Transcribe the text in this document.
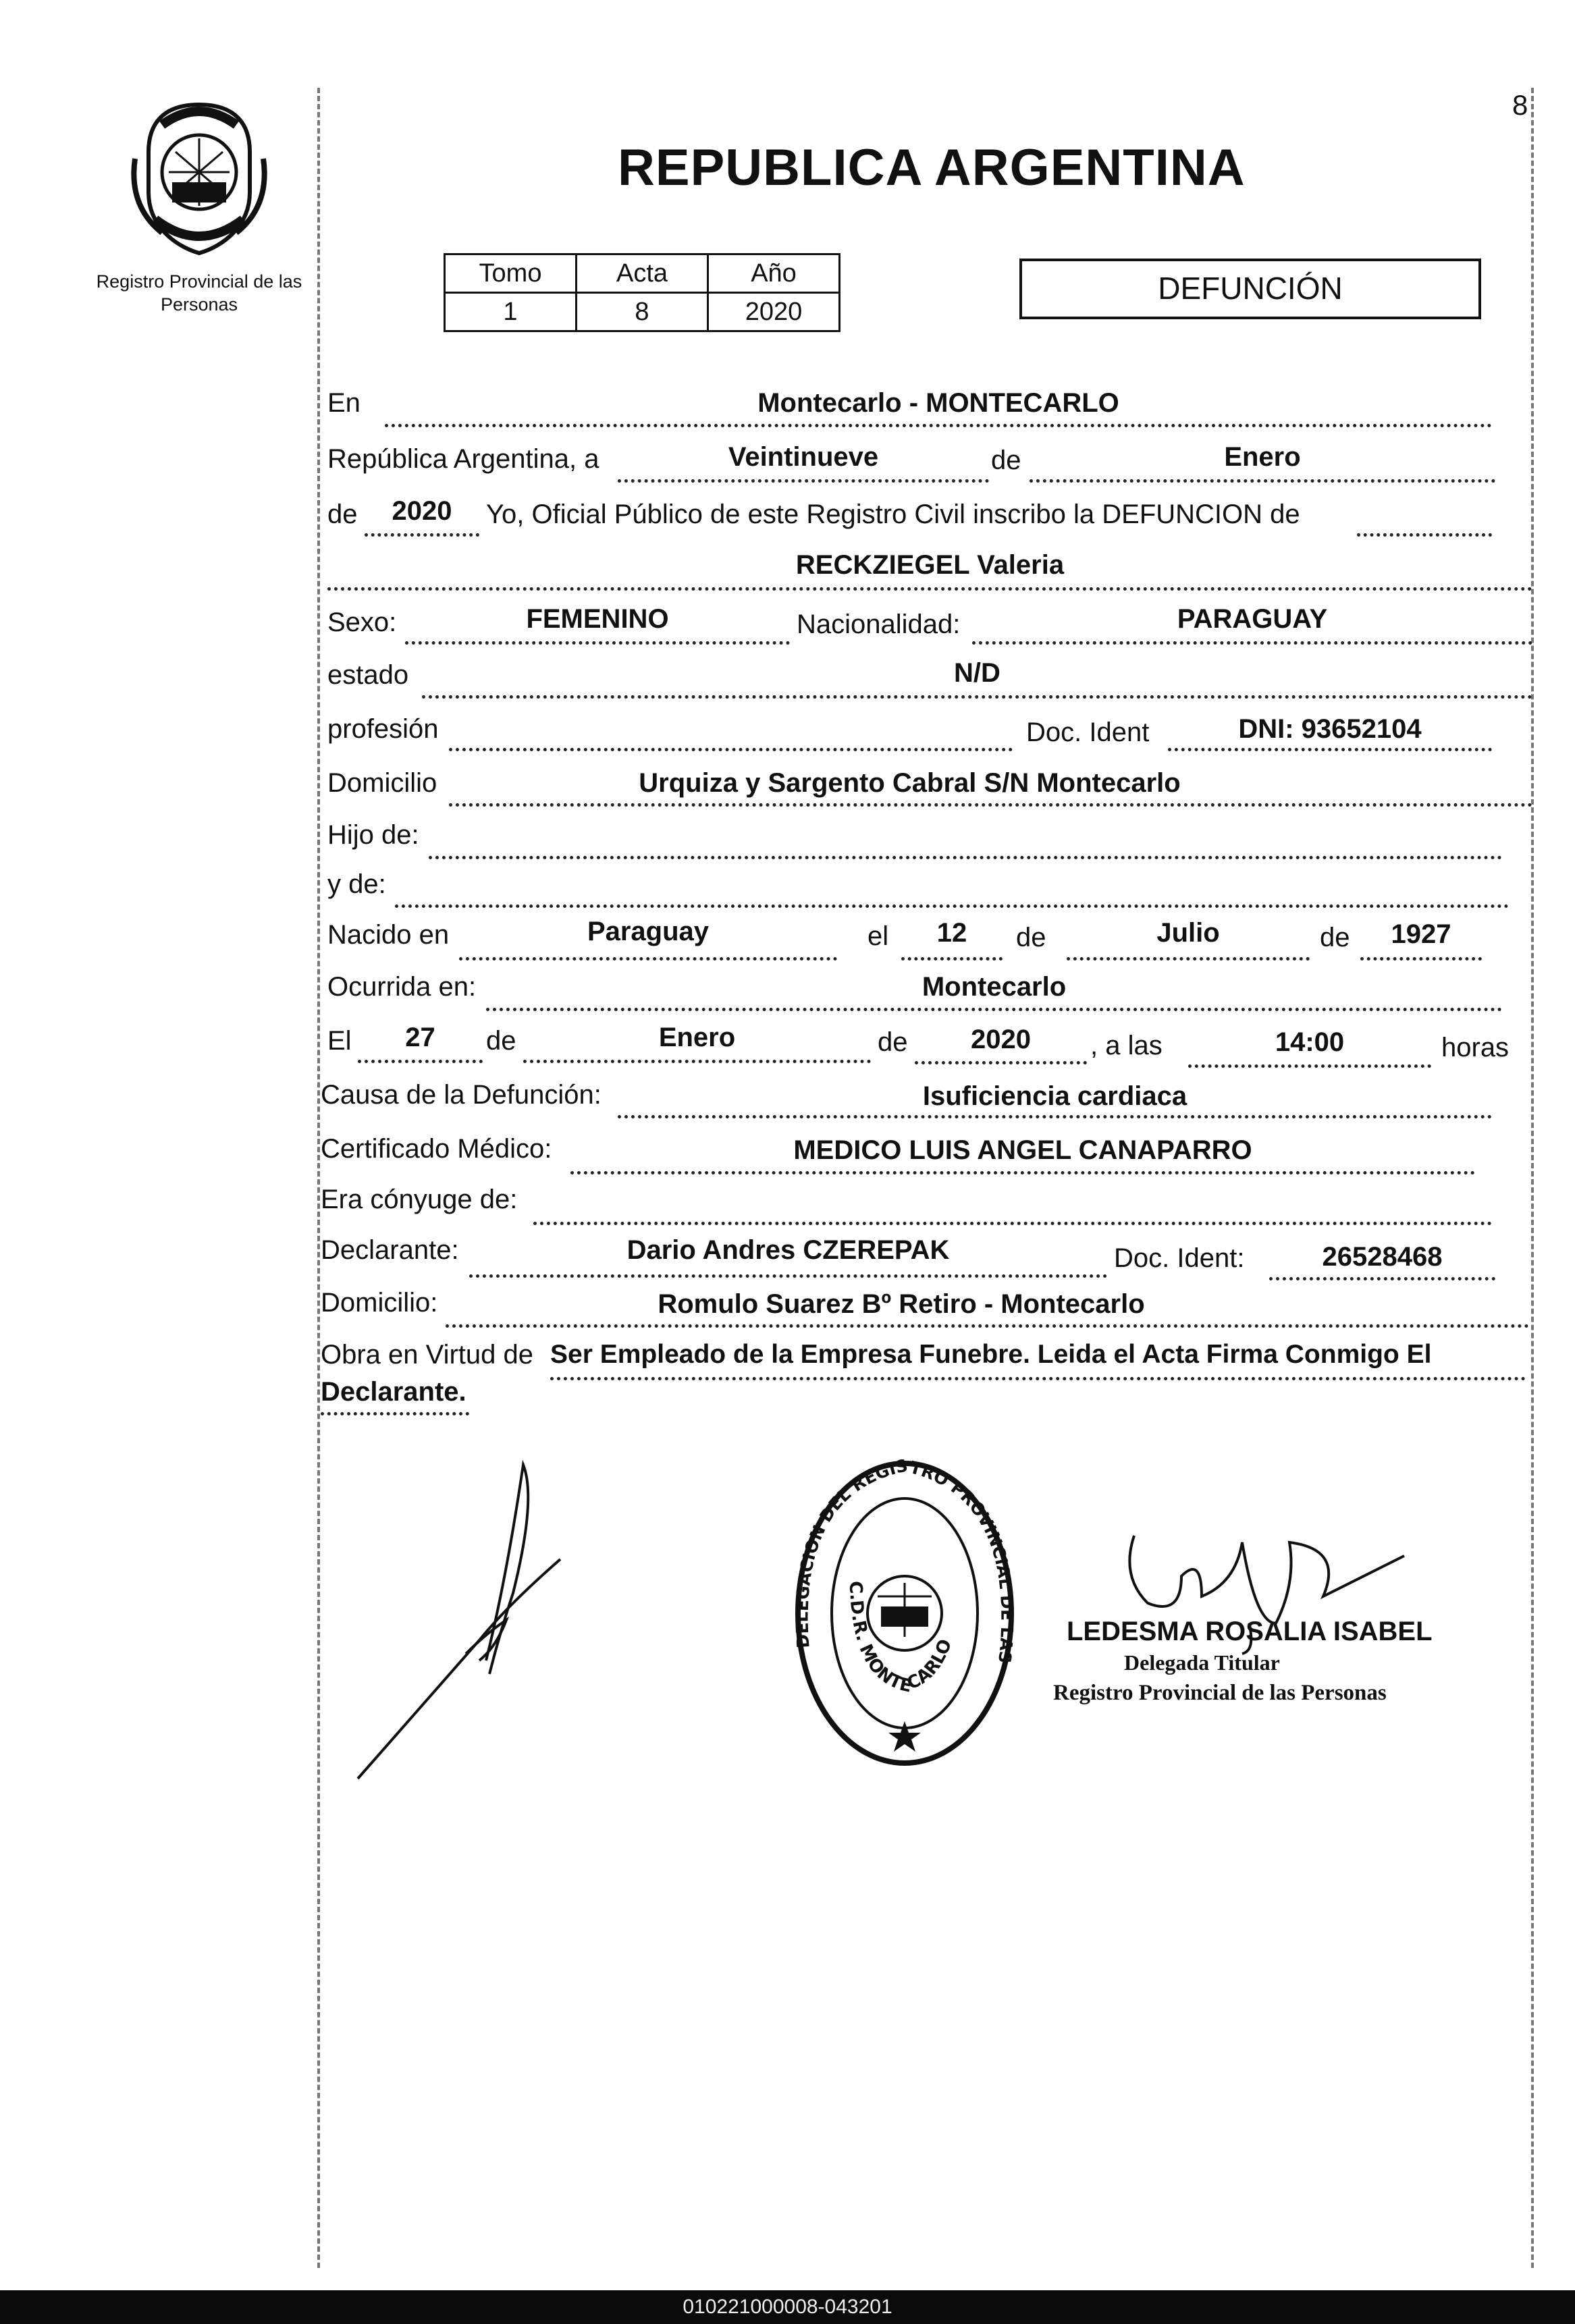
8
Registro Provincial de las Personas
REPUBLICA ARGENTINA
Tomo	Acta	Año
1	8	2020
DEFUNCIÓN
En	Montecarlo - MONTECARLO
República Argentina, a	Veintinueve	de	Enero
de	2020	Yo, Oficial Público de este Registro Civil inscribo la DEFUNCION de
RECKZIEGEL Valeria
Sexo:	FEMENINO	Nacionalidad:	PARAGUAY
estado	N/D
profesión	Doc. Ident	DNI: 93652104
Domicilio	Urquiza y Sargento Cabral S/N Montecarlo
Hijo de:
y de:
Nacido en	Paraguay	el	12	de	Julio	de	1927
Ocurrida en:	Montecarlo
El	27	de	Enero	de	2020	, a las	14:00	horas
Causa de la Defunción:	Isuficiencia cardiaca
Certificado Médico:	MEDICO LUIS ANGEL CANAPARRO
Era cónyuge de:
Declarante:	Dario Andres CZEREPAK	Doc. Ident:	26528468
Domicilio:	Romulo Suarez Bº Retiro - Montecarlo
Obra en Virtud de Ser Empleado de la Empresa Funebre. Leida el Acta Firma Conmigo El
Declarante.
DELEGACION DEL REGISTRO PROVINCIAL DE LAS
C.D.R. MONTECARLO
LEDESMA ROSALIA ISABEL
Delegada Titular
Registro Provincial de las Personas
010221000008-043201
